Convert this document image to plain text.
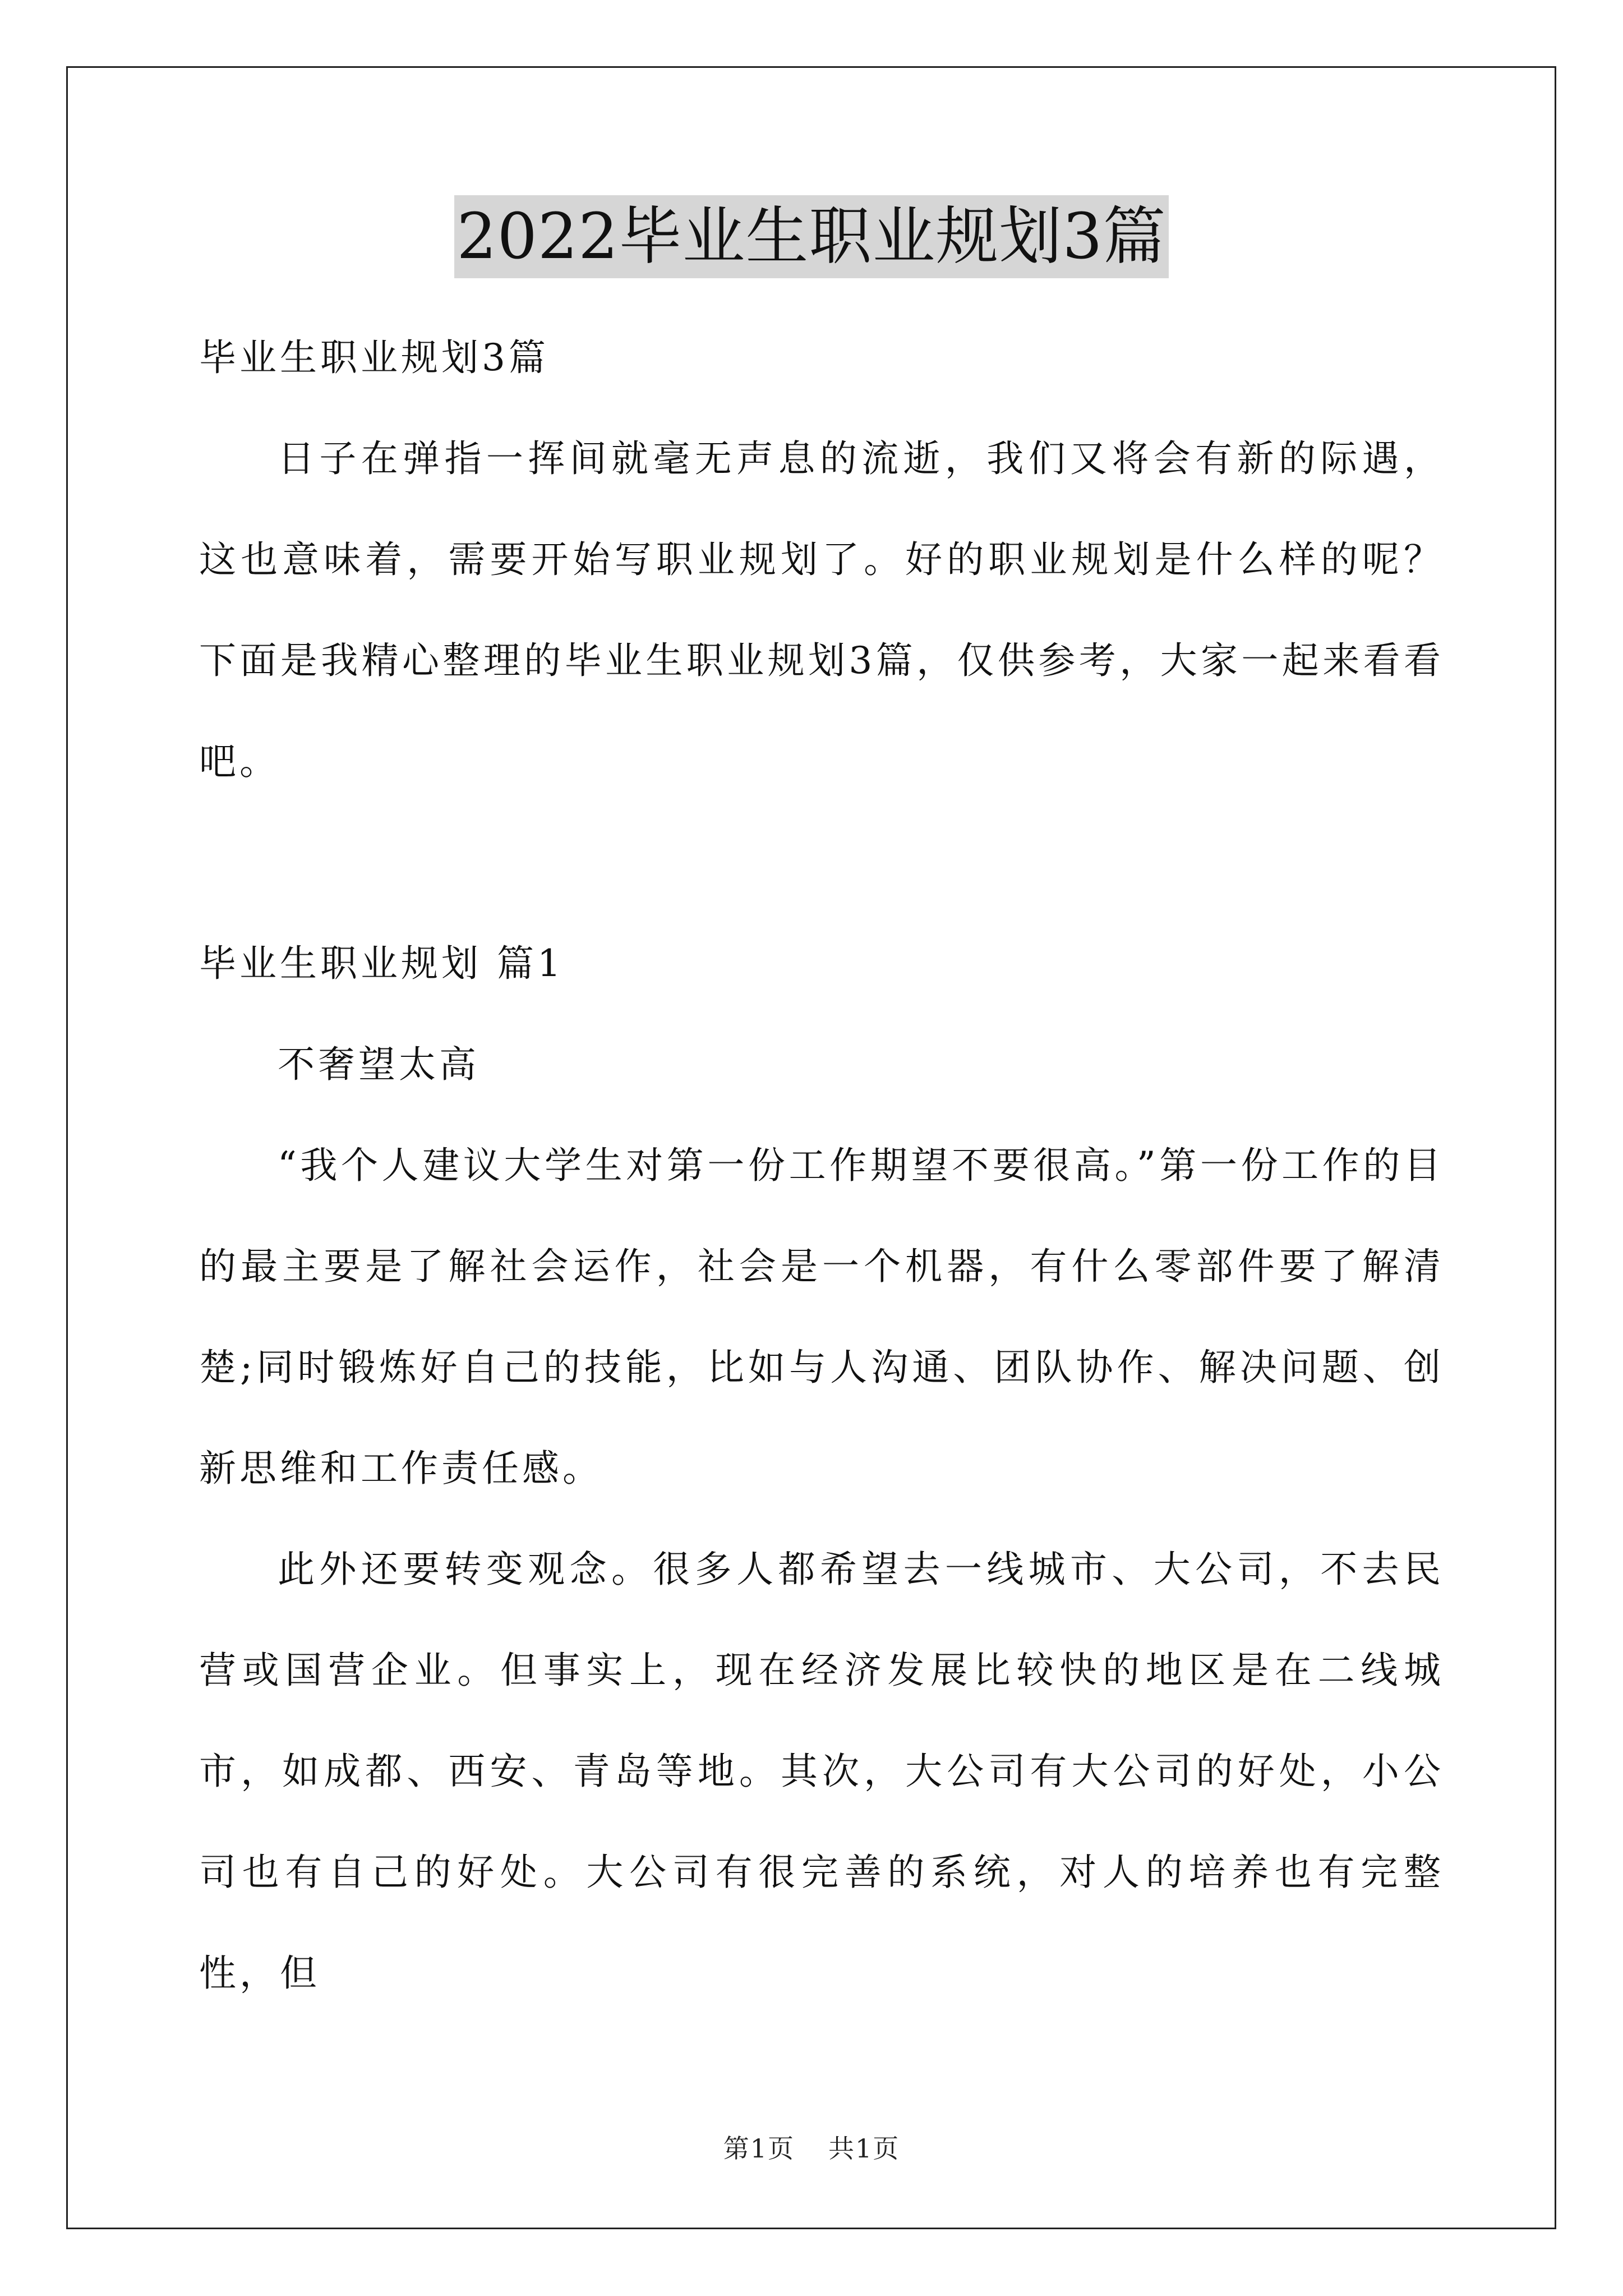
2022毕业生职业规划3篇

毕业生职业规划3篇

日子在弹指一挥间就毫无声息的流逝，我们又将会有新的际遇，这也意味着，需要开始写职业规划了。好的职业规划是什么样的呢？下面是我精心整理的毕业生职业规划3篇，仅供参考，大家一起来看看吧。

毕业生职业规划 篇1

不奢望太高

“我个人建议大学生对第一份工作期望不要很高。”第一份工作的目的最主要是了解社会运作，社会是一个机器，有什么零部件要了解清楚;同时锻炼好自己的技能，比如与人沟通、团队协作、解决问题、创新思维和工作责任感。

此外还要转变观念。很多人都希望去一线城市、大公司，不去民营或国营企业。但事实上，现在经济发展比较快的地区是在二线城市，如成都、西安、青岛等地。其次，大公司有大公司的好处，小公司也有自己的好处。大公司有很完善的系统，对人的培养也有完整性，但

第1页 共1页
